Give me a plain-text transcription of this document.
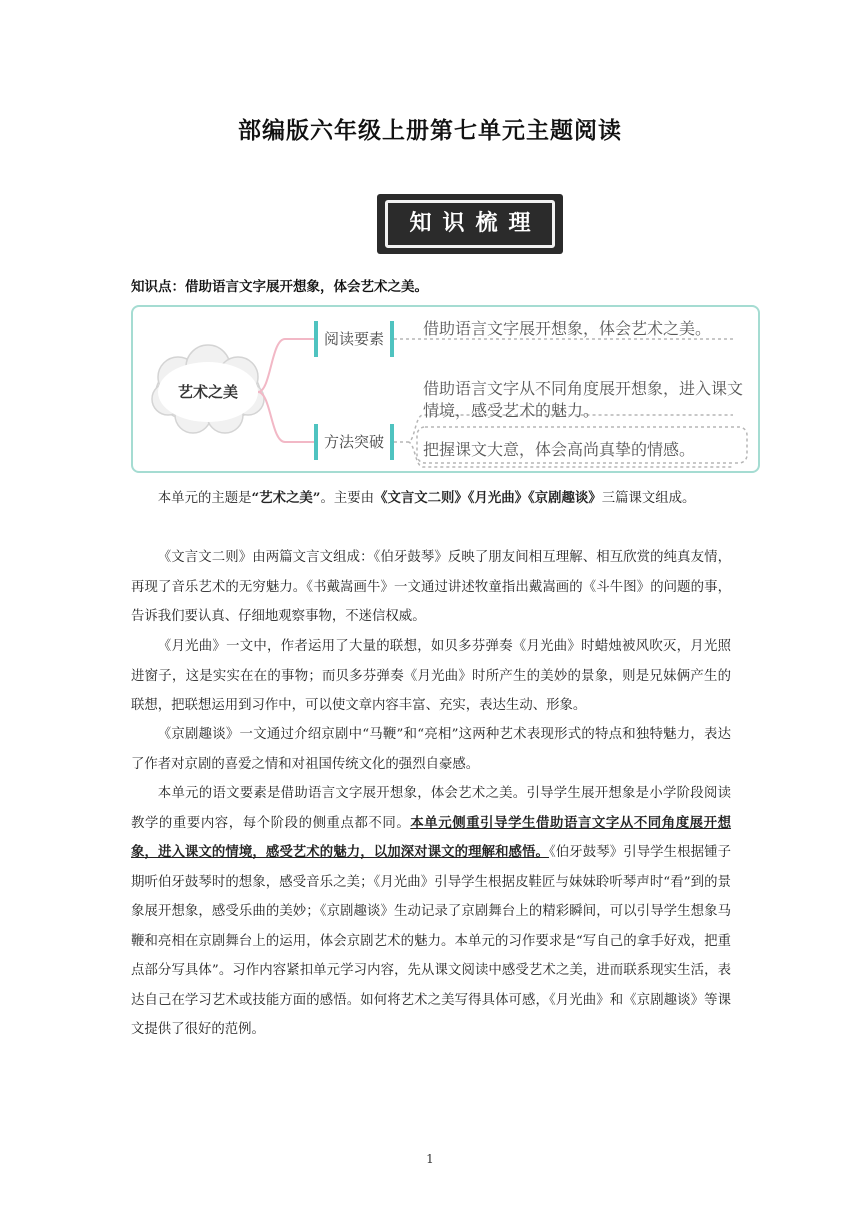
部编版六年级上册第七单元主题阅读
知识梳理
知识点：借助语言文字展开想象，体会艺术之美。
艺术之美
阅读要素
方法突破
借助语言文字展开想象，体会艺术之美。
借助语言文字从不同角度展开想象，进入课文情境，感受艺术的魅力。
把握课文大意，体会高尚真挚的情感。

本单元的主题是“艺术之美”。主要由《文言文二则》《月光曲》《京剧趣谈》三篇课文组成。

《文言文二则》由两篇文言文组成：《伯牙鼓琴》反映了朋友间相互理解、相互欣赏的纯真友情，再现了音乐艺术的无穷魅力。《书戴嵩画牛》一文通过讲述牧童指出戴嵩画的《斗牛图》的问题的事，告诉我们要认真、仔细地观察事物，不迷信权威。

《月光曲》一文中，作者运用了大量的联想，如贝多芬弹奏《月光曲》时蜡烛被风吹灭，月光照进窗子，这是实实在在的事物；而贝多芬弹奏《月光曲》时所产生的美妙的景象，则是兄妹俩产生的联想，把联想运用到习作中，可以使文章内容丰富、充实，表达生动、形象。

《京剧趣谈》一文通过介绍京剧中“马鞭”和“亮相”这两种艺术表现形式的特点和独特魅力，表达了作者对京剧的喜爱之情和对祖国传统文化的强烈自豪感。

本单元的语文要素是借助语言文字展开想象，体会艺术之美。引导学生展开想象是小学阶段阅读教学的重要内容，每个阶段的侧重点都不同。本单元侧重引导学生借助语言文字从不同角度展开想象，进入课文的情境，感受艺术的魅力，以加深对课文的理解和感悟。《伯牙鼓琴》引导学生根据锺子期听伯牙鼓琴时的想象，感受音乐之美；《月光曲》引导学生根据皮鞋匠与妹妹聆听琴声时“看”到的景象展开想象，感受乐曲的美妙；《京剧趣谈》生动记录了京剧舞台上的精彩瞬间，可以引导学生想象马鞭和亮相在京剧舞台上的运用，体会京剧艺术的魅力。本单元的习作要求是“写自己的拿手好戏，把重点部分写具体”。习作内容紧扣单元学习内容，先从课文阅读中感受艺术之美，进而联系现实生活，表达自己在学习艺术或技能方面的感悟。如何将艺术之美写得具体可感，《月光曲》和《京剧趣谈》等课文提供了很好的范例。

1
